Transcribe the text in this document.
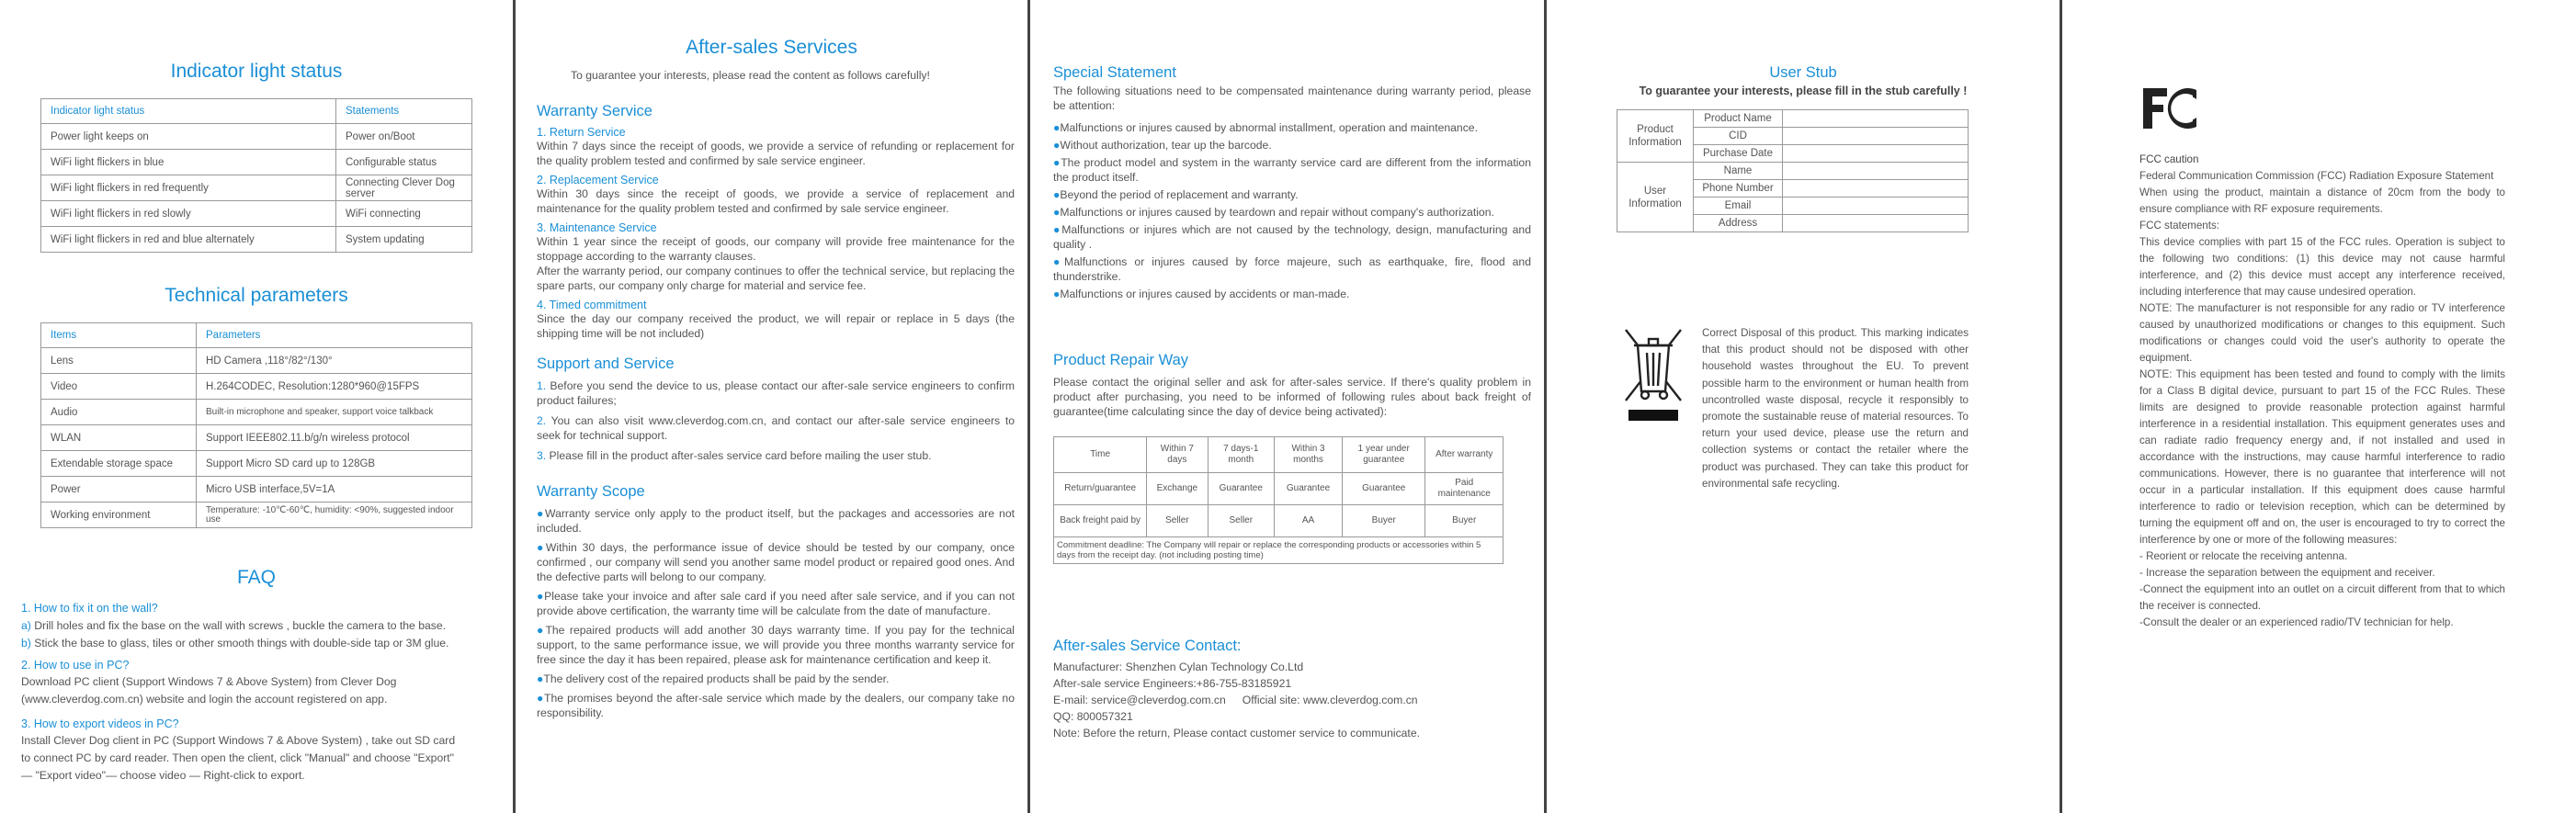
Indicator light status
Indicator light status	Statements
Power light keeps on	Power on/Boot
WiFi light flickers in blue	Configurable status
WiFi light flickers in red frequently	Connecting Clever Dog server
WiFi light flickers in red slowly	WiFi connecting
WiFi light flickers in red and blue alternately	System updating
Technical parameters
Items	Parameters
Lens	HD Camera ,118°/82°/130°
Video	H.264CODEC, Resolution:1280*960@15FPS
Audio	Built-in microphone and speaker, support voice talkback
WLAN	Support IEEE802.11.b/g/n wireless protocol
Extendable storage space	Support Micro SD card up to 128GB
Power	Micro USB interface,5V=1A
Working environment	Temperature: -10℃-60℃, humidity: <90%, suggested indoor use
FAQ
1. How to fix it on the wall?

a) Drill holes and fix the base on the wall with screws , buckle the camera to the base.

b) Stick the base to glass, tiles or other smooth things with double-side tap or 3M glue.

2. How to use in PC?

Download PC client (Support Windows 7 & Above System) from Clever Dog

(www.cleverdog.com.cn) website and login the account registered on app.

3. How to export videos in PC?

Install Clever Dog client in PC (Support Windows 7 & Above System) , take out SD card

to connect PC by card reader. Then open the client, click "Manual" and choose "Export"

— "Export video"— choose video — Right-click to export.

After-sales Services

To guarantee your interests, please read the content as follows carefully!

Warranty Service
1. Return Service

Within 7 days since the receipt of goods, we provide a service of refunding or replacement for the quality problem tested and confirmed by sale service engineer.

2. Replacement Service

Within 30 days since the receipt of goods, we provide a service of replacement and maintenance for the quality problem tested and confirmed by sale service engineer.

3. Maintenance Service

Within 1 year since the receipt of goods, our company will provide free maintenance for the stoppage according to the warranty clauses.

After the warranty period, our company continues to offer the technical service, but replacing the spare parts, our company only charge for material and service fee.

4. Timed commitment

Since the day our company received the product, we will repair or replace in 5 days (the shipping time will be not included)

Support and Service

1. Before you send the device to us, please contact our after-sale service engineers to confirm product failures;

2. You can also visit www.cleverdog.com.cn, and contact our after-sale service engineers to seek for technical support.

3. Please fill in the product after-sales service card before mailing the user stub.

Warranty Scope

●Warranty service only apply to the product itself, but the packages and accessories are not included.

●Within 30 days, the performance issue of device should be tested by our company, once confirmed , our company will send you another same model product or repaired good ones. And the defective parts will belong to our company.

●Please take your invoice and after sale card if you need after sale service, and if you can not provide above certification, the warranty time will be calculate from the date of manufacture.

●The repaired products will add another 30 days warranty time. If you pay for the technical support, to the same performance issue, we will provide you three months warranty service for free since the day it has been repaired, please ask for maintenance certification and keep it.

●The delivery cost of the repaired products shall be paid by the sender.

●The promises beyond the after-sale service which made by the dealers, our company take no responsibility.

Special Statement

The following situations need to be compensated maintenance during warranty period, please be attention:

●Malfunctions or injures caused by abnormal installment, operation and maintenance.

●Without authorization, tear up the barcode.

●The product model and system in the warranty service card are different from the information the product itself.

●Beyond the period of replacement and warranty.

●Malfunctions or injures caused by teardown and repair without company's authorization.

●Malfunctions or injures which are not caused by the technology, design, manufacturing and quality .

●Malfunctions or injures caused by force majeure, such as earthquake, fire, flood and thunderstrike.

●Malfunctions or injures caused by accidents or man-made.

Product Repair Way

Please contact the original seller and ask for after-sales service. If there's quality problem in product after purchasing, you need to be informed of following rules about back freight of guarantee(time calculating since the day of device being activated):

Time	Within 7 days	7 days-1 month	Within 3 months	1 year under guarantee	After warranty
Return/guarantee	Exchange	Guarantee	Guarantee	Guarantee	Paid maintenance
Back freight paid by	Seller	Seller	AA	Buyer	Buyer
Commitment deadline: The Company will repair or replace the corresponding products or accessories within 5 days from the receipt day. (not including posting time)					
After-sales Service Contact:

Manufacturer: Shenzhen Cylan Technology Co.Ltd

After-sale service Engineers:+86-755-83185921

E-mail: service@cleverdog.com.cn Official site: www.cleverdog.com.cn

QQ: 800057321

Note: Before the return, Please contact customer service to communicate.

User Stub
To guarantee your interests, please fill in the stub carefully !
Product Information	Product Name	
	CID	
	Purchase Date	
User Information	Name	
	Phone Number	
	Email	
	Address	

Correct Disposal of this product. This marking indicates that this product should not be disposed with other household wastes throughout the EU. To prevent possible harm to the environment or human health from uncontrolled waste disposal, recycle it responsibly to promote the sustainable reuse of material resources. To return your used device, please use the return and collection systems or contact the retailer where the product was purchased. They can take this product for environmental safe recycling.

FCC caution

Federal Communication Commission (FCC) Radiation Exposure Statement

When using the product, maintain a distance of 20cm from the body to ensure compliance with RF exposure requirements.

FCC statements:

This device complies with part 15 of the FCC rules. Operation is subject to the following two conditions: (1) this device may not cause harmful interference, and (2) this device must accept any interference received, including interference that may cause undesired operation.

NOTE: The manufacturer is not responsible for any radio or TV interference caused by unauthorized modifications or changes to this equipment. Such modifications or changes could void the user's authority to operate the equipment.

NOTE: This equipment has been tested and found to comply with the limits for a Class B digital device, pursuant to part 15 of the FCC Rules. These limits are designed to provide reasonable protection against harmful interference in a residential installation. This equipment generates uses and can radiate radio frequency energy and, if not installed and used in accordance with the instructions, may cause harmful interference to radio communications. However, there is no guarantee that interference will not occur in a particular installation. If this equipment does cause harmful interference to radio or television reception, which can be determined by turning the equipment off and on, the user is encouraged to try to correct the interference by one or more of the following measures:

- Reorient or relocate the receiving antenna.

- Increase the separation between the equipment and receiver.

-Connect the equipment into an outlet on a circuit different from that to which the receiver is connected.

-Consult the dealer or an experienced radio/TV technician for help.
